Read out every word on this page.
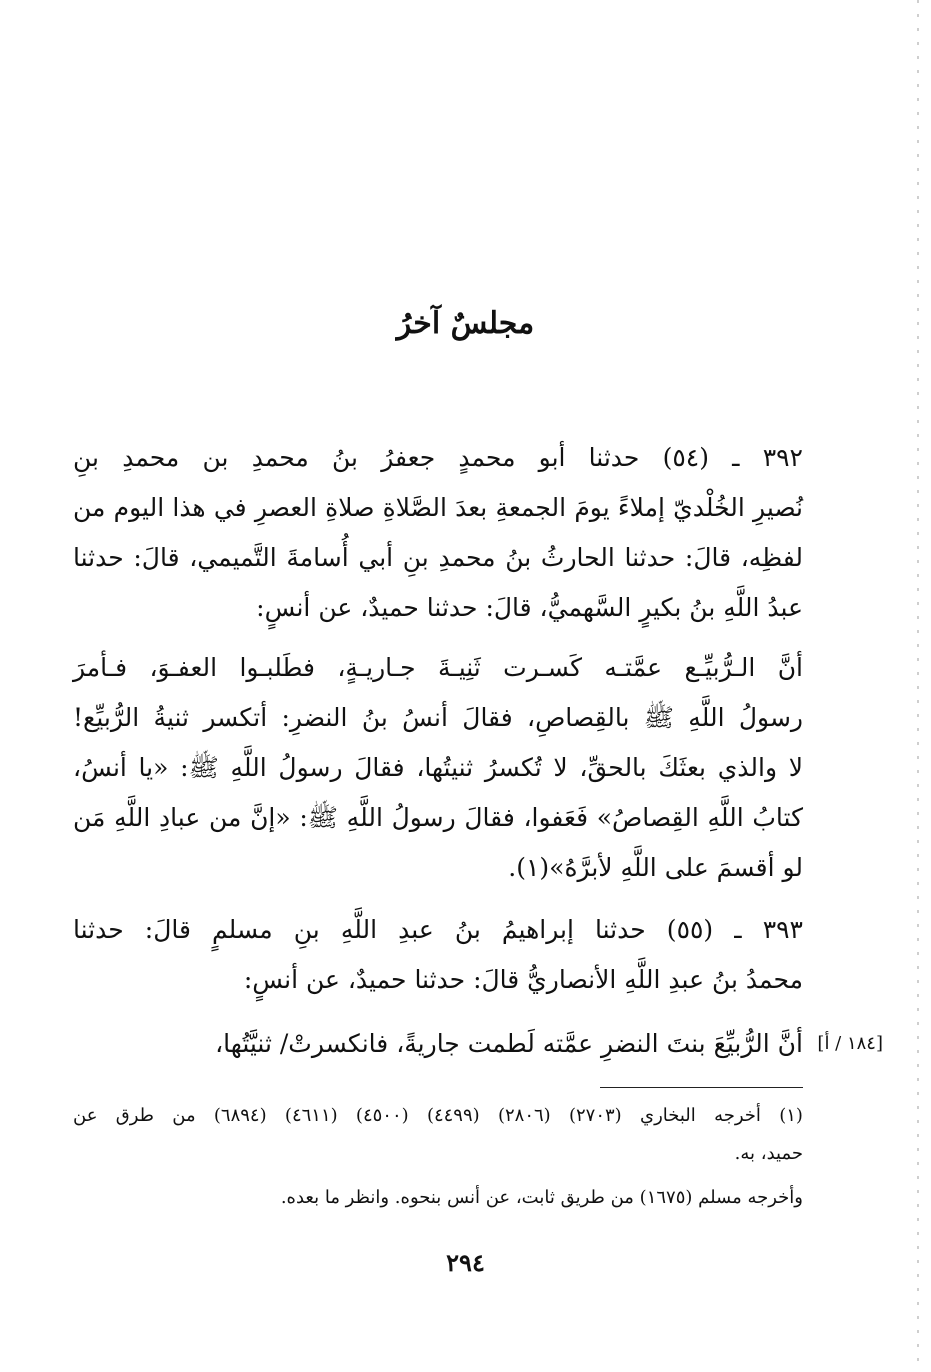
مجلسٌ آخرُ
٣٩٢ ـ (٥٤) حدثنا أبو محمدٍ جعفرُ بنُ محمدِ بن محمدِ بنِ
نُصيرِ الخُلْديّ إملاءً يومَ الجمعةِ بعدَ الصَّلاةِ صلاةِ العصرِ في هذا اليوم من
لفظِه، قالَ: حدثنا الحارثُ بنُ محمدِ بنِ أبي أُسامةَ التَّميمي، قالَ: حدثنا
عبدُ اللَّهِ بنُ بكيرٍ السَّهميُّ، قالَ: حدثنا حميدٌ، عن أنسٍ:
أنَّ الـرُّبيِّـع عمَّتـه كَسـرت ثَنِيـةَ جـاريـةٍ، فطَلبـوا العفـوَ، فـأمرَ
رسولُ اللَّهِ ﷺ بالقِصاصِ، فقالَ أنسُ بنُ النضرِ: أتكسر ثنيةُ الرُّبيِّع!
لا والذي بعثَكَ بالحقِّ، لا تُكسرُ ثنيتُها، فقالَ رسولُ اللَّهِ ﷺ: «يا أنسُ،
كتابُ اللَّهِ القِصاصُ» فَعَفوا، فقالَ رسولُ اللَّهِ ﷺ: «إنَّ من عبادِ اللَّهِ مَن
لو أقسمَ على اللَّهِ لأبرَّهُ»(١).
٣٩٣ ـ (٥٥) حدثنا إبراهيمُ بنُ عبدِ اللَّهِ بنِ مسلمٍ قالَ: حدثنا
محمدُ بنُ عبدِ اللَّهِ الأنصاريُّ قالَ: حدثنا حميدٌ، عن أنسٍ:
أنَّ الرُّبيِّعَ بنتَ النضرِ عمَّته لَطمت جاريةً، فانكسرتْ/ ثنيَّتُها، [١٨٤ / أ]
(١) أخرجه البخاري (٢٧٠٣) (٢٨٠٦) (٤٤٩٩) (٤٥٠٠) (٤٦١١) (٦٨٩٤) من طرق عن
حميد، به.
وأخرجه مسلم (١٦٧٥) من طريق ثابت، عن أنس بنحوه. وانظر ما بعده.
٢٩٤
